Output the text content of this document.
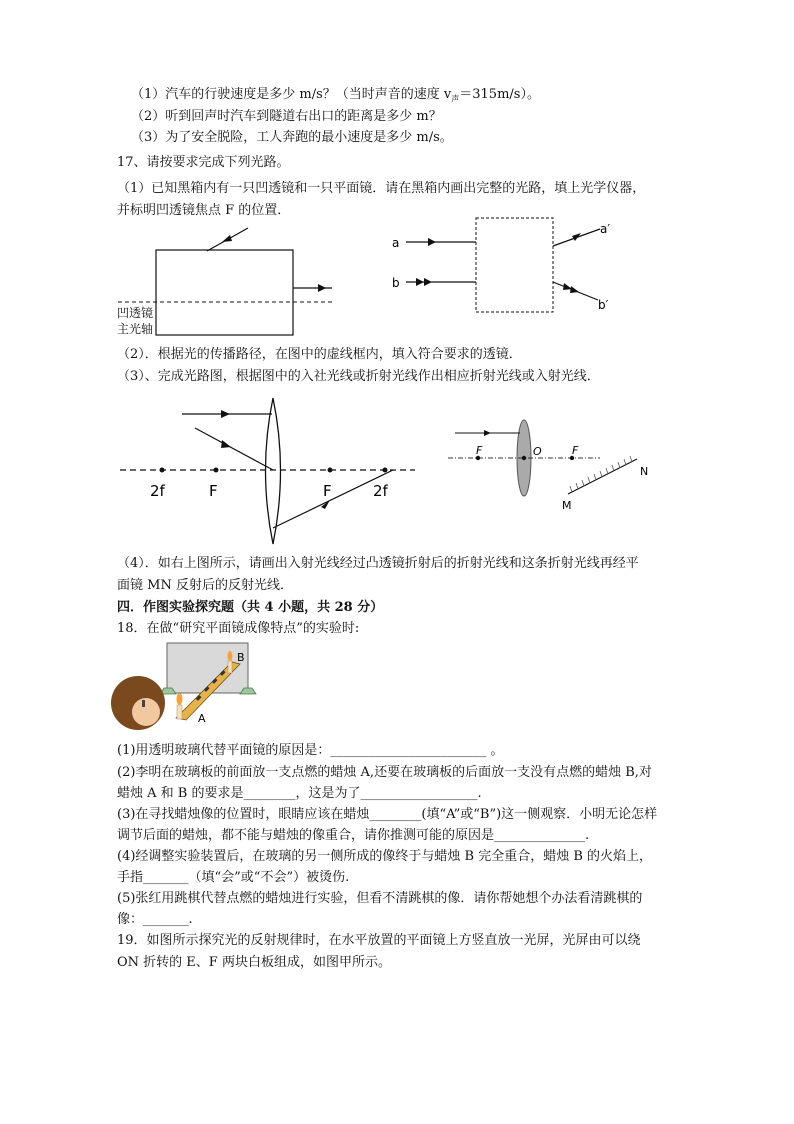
（1）汽车的行驶速度是多少 m/s？（当时声音的速度 $v_声=315m/s$）。
（2）听到回声时汽车到隧道右出口的距离是多少 m？
（3）为了安全脱险，工人奔跑的最小速度是多少 m/s。
17、请按要求完成下列光路。
（1）已知黑箱内有一只凹透镜和一只平面镜．请在黑箱内画出完整的光路，填上光学仪器，
并标明凹透镜焦点 F 的位置．
凹透镜
主光轴
a
b
a′
b′
（2）．根据光的传播路径，在图中的虚线框内，填入符合要求的透镜．
（3）、完成光路图，根据图中的入社光线或折射光线作出相应折射光线或入射光线．
2f	F	F	2f
F	O	F
N
M
（4）．如右上图所示，请画出入射光线经过凸透镜折射后的折射光线和这条折射光线再经平
面镜 MN 反射后的反射光线．
四．作图实验探究题（共 4 小题，共 28 分）
18．在做“研究平面镜成像特点”的实验时:
A
B
(1)用透明玻璃代替平面镜的原因是：________________________ 。
(2)李明在玻璃板的前面放一支点燃的蜡烛 A,还要在玻璃板的后面放一支没有点燃的蜡烛 B,对
蜡烛 A 和 B 的要求是________，这是为了__________________.
(3)在寻找蜡烛像的位置时，眼睛应该在蜡烛________(填“A”或“B”)这一侧观察．小明无论怎样
调节后面的蜡烛，都不能与蜡烛的像重合，请你推测可能的原因是______________.
(4)经调整实验装置后，在玻璃的另一侧所成的像终于与蜡烛 B 完全重合，蜡烛 B 的火焰上，
手指_______（填“会”或“不会”）被烫伤.
(5)张红用跳棋代替点燃的蜡烛进行实验，但看不清跳棋的像．请你帮她想个办法看清跳棋的
像：_______.
19．如图所示探究光的反射规律时，在水平放置的平面镜上方竖直放一光屏，光屏由可以绕
ON 折转的 E、F 两块白板组成，如图甲所示。
